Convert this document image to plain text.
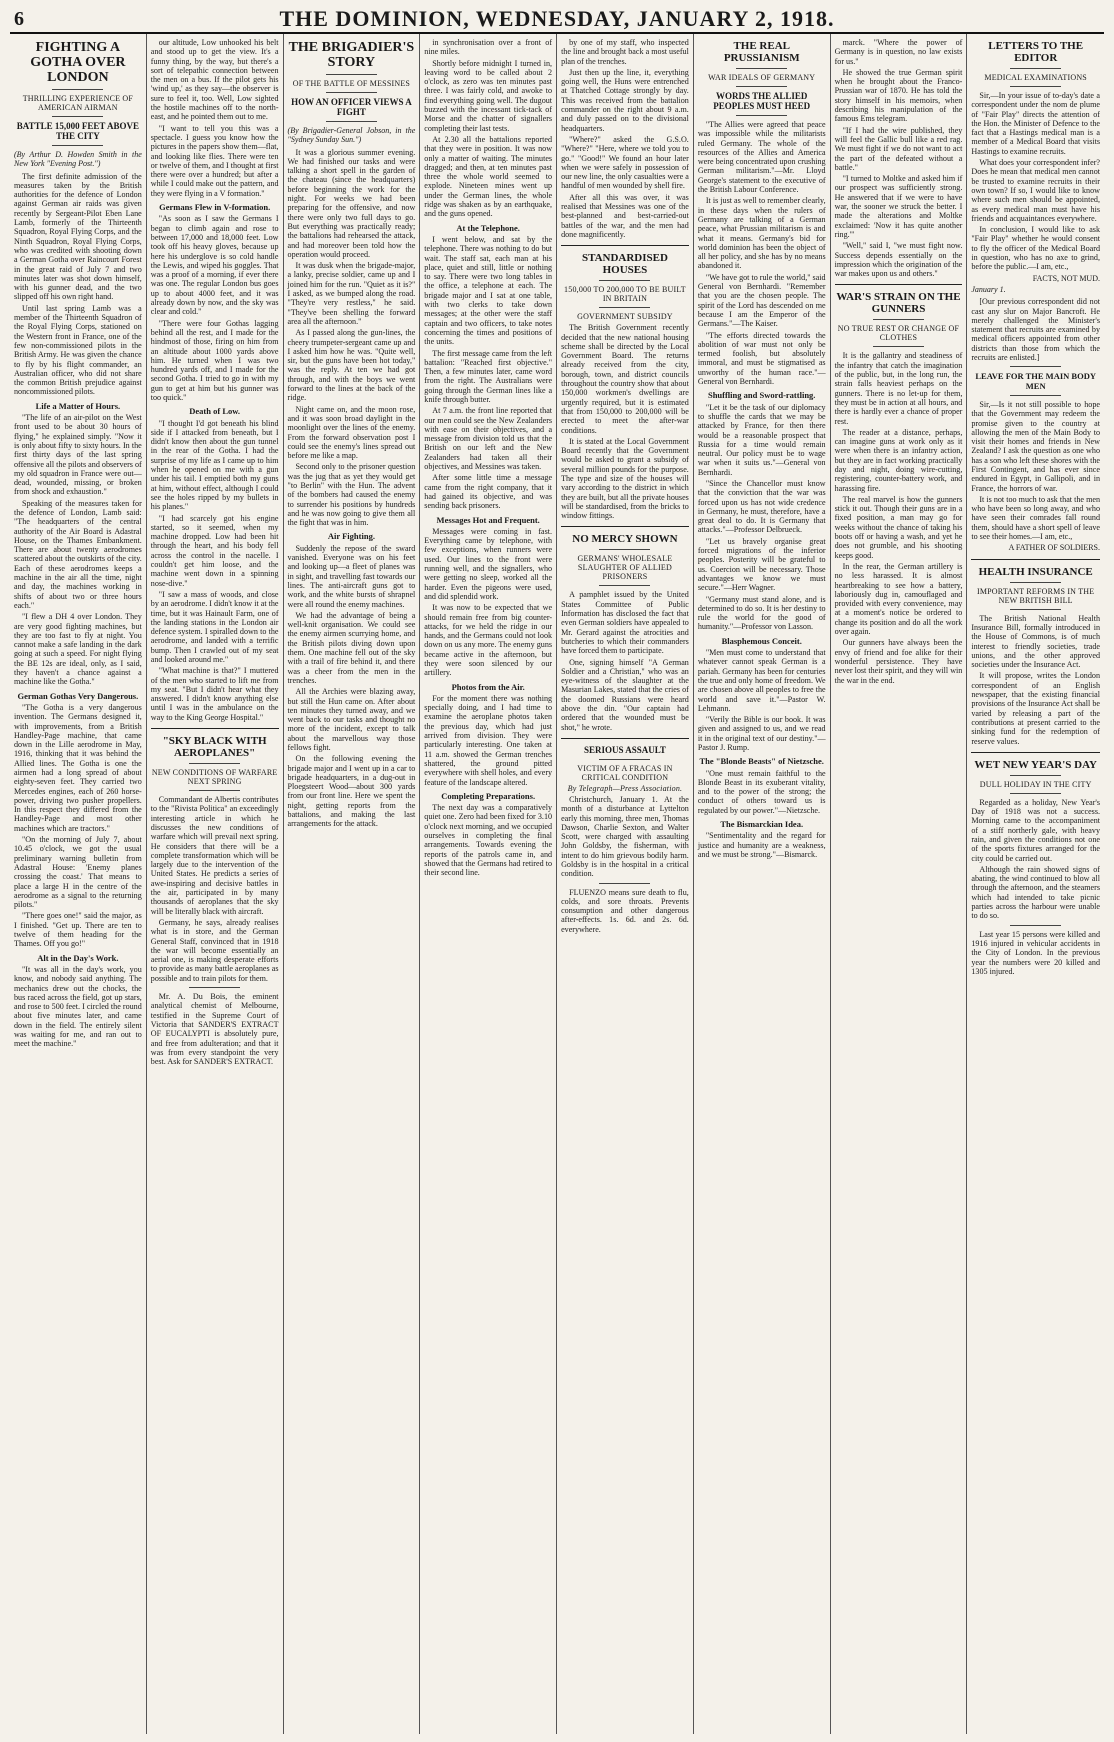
6	THE DOMINION, WEDNESDAY, JANUARY 2, 1918.
FIGHTING A GOTHA OVER LONDON
THRILLING EXPERIENCE OF AMERICAN AIRMAN
BATTLE 15,000 FEET ABOVE THE CITY
(By Arthur D. Howden Smith in the New York "Evening Post.")

The first definite admission of the measures taken by the British authorities for the defence of London against German air raids was given recently by Sergeant-Pilot Eben Lane Lamb, formerly of the Thirteenth Squadron, Royal Flying Corps, and the Ninth Squadron, Royal Flying Corps, who was credited with shooting down a German Gotha over Raincourt Forest in the great raid of July 7 and two minutes later was shot down himself, with his gunner dead, and the two slipped off his own right hand.

Until last spring Lamb was a member of the Thirteenth Squadron of the Royal Flying Corps, stationed on the Western front in France, one of the few non-commissioned pilots in the British Army. He was given the chance to fly by his flight commander, an Australian officer, who did not share the common British prejudice against noncommissioned pilots.

Life a Matter of Hours.

"The life of an air-pilot on the West front used to be about 30 hours of flying," he explained simply. "Now it is only about fifty to sixty hours. In the first thirty days of the last spring offensive all the pilots and observers of my old squadron in France were out—dead, wounded, missing, or broken from shock and exhaustion."

Speaking of the measures taken for the defence of London, Lamb said: "The headquarters of the central authority of the Air Board is Adastral House, on the Thames Embankment. There are about twenty aerodromes scattered about the outskirts of the city. Each of these aerodromes keeps a machine in the air all the time, night and day, the machines working in shifts of about two or three hours each."

"I flew a DH 4 over London. They are very good fighting machines, but they are too fast to fly at night. You cannot make a safe landing in the dark going at such a speed. For night flying the BE 12s are ideal, only, as I said, they haven't a chance against a machine like the Gotha."

German Gothas Very Dangerous.

"The Gotha is a very dangerous invention. The Germans designed it, with improvements, from a British Handley-Page machine, that came down in the Lille aerodrome in May, 1916, thinking that it was behind the Allied lines. The Gotha is one the airmen had a long spread of about eighty-seven feet. They carried two Mercedes engines, each of 260 horse-power, driving two pusher propellers. In this respect they differed from the Handley-Page and most other machines which are tractors."

"On the morning of July 7, about 10.45 o'clock, we got the usual preliminary warning bulletin from Adastral House: 'Enemy planes crossing the coast.' That means to place a large H in the centre of the aerodrome as a signal to the returning pilots."

"There goes one!" said the major, as I finished. "Get up. There are ten to twelve of them heading for the Thames. Off you go!"

Alt in the Day's Work.

"It was all in the day's work, you know, and nobody said anything. The mechanics drew out the chocks, the bus raced across the field, got up stars, and rose to 500 feet. I circled the round about five minutes later, and came down in the field. The entirely silent was waiting for me, and ran out to meet the machine."

our altitude, Low unhooked his belt and stood up to get the view. It's a funny thing, by the way, but there's a sort of telepathic connection between the men on a bus. If the pilot gets his 'wind up,' as they say—the observer is sure to feel it, too. Well, Low sighted the hostile machines off to the north-east, and he pointed them out to me.

"I want to tell you this was a spectacle. I guess you know how the pictures in the papers show them—flat, and looking like flies. There were ten or twelve of them, and I thought at first there were over a hundred; but after a while I could make out the pattern, and they were flying in a V formation."

Germans Flew in V-formation.

"As soon as I saw the Germans I began to climb again and rose to between 17,000 and 18,000 feet. Low took off his heavy gloves, because up here his underglove is so cold handle the Lewis, and wiped his goggles. That was a proof of a morning, if ever there was one. The regular London bus goes up to about 4000 feet, and it was already down by now, and the sky was clear and cold."

"There were four Gothas lagging behind all the rest, and I made for the hindmost of those, firing on him from an altitude about 1000 yards above him. He turned when I was two hundred yards off, and I made for the second Gotha. I tried to go in with my gun to get at him but his gunner was too quick."

Death of Low.

"I thought I'd got beneath his blind side if I attacked from beneath, but I didn't know then about the gun tunnel in the rear of the Gotha. I had the surprise of my life as I came up to him when he opened on me with a gun under his tail. I emptied both my guns at him, without effect, although I could see the holes ripped by my bullets in his planes."

"I had scarcely got his engine started, so it seemed, when my machine dropped. Low had been hit through the heart, and his body fell across the control in the nacelle. I couldn't get him loose, and the machine went down in a spinning nose-dive."

"I saw a mass of woods, and close by an aerodrome. I didn't know it at the time, but it was Hainault Farm, one of the landing stations in the London air defence system. I spiralled down to the aerodrome, and landed with a terrific bump. Then I crawled out of my seat and looked around me."

"What machine is that?" I muttered of the men who started to lift me from my seat. "But I didn't hear what they answered. I didn't know anything else until I was in the ambulance on the way to the King George Hospital."

"SKY BLACK WITH AEROPLANES"
NEW CONDITIONS OF WARFARE NEXT SPRING

Commandant de Albertis contributes to the "Rivista Politica" an exceedingly interesting article in which he discusses the new conditions of warfare which will prevail next spring. He considers that there will be a complete transformation which will be largely due to the intervention of the United States. He predicts a series of awe-inspiring and decisive battles in the air, participated in by many thousands of aeroplanes that the sky will be literally black with aircraft.

Germany, he says, already realises what is in store, and the German General Staff, convinced that in 1918 the war will become essentially an aerial one, is making desperate efforts to provide as many battle aeroplanes as possible and to train pilots for them.

Mr. A. Du Bois, the eminent analytical chemist of Melbourne, testified in the Supreme Court of Victoria that SANDER'S EXTRACT OF EUCALYPTI is absolutely pure, and free from adulteration; and that it was from every standpoint the very best. Ask for SANDER'S EXTRACT.

THE BRIGADIER'S STORY
OF THE BATTLE OF MESSINES
HOW AN OFFICER VIEWS A FIGHT
(By Brigadier-General Jobson, in the "Sydney Sunday Sun.")

It was a glorious summer evening. We had finished our tasks and were talking a short spell in the garden of the chateau (since the headquarters) before beginning the work for the night. For weeks we had been preparing for the offensive, and now there were only two full days to go. But everything was practically ready; the battalions had rehearsed the attack, and had moreover been told how the operation would proceed.

It was dusk when the brigade-major, a lanky, precise soldier, came up and I joined him for the run. "Quiet as it is?" I asked, as we bumped along the road. "They're very restless," he said. "They've been shelling the forward area all the afternoon."

As I passed along the gun-lines, the cheery trumpeter-sergeant came up and I asked him how he was. "Quite well, sir, but the guns have been hot today," was the reply. At ten we had got through, and with the boys we went forward to the lines at the back of the ridge.

Night came on, and the moon rose, and it was soon broad daylight in the moonlight over the lines of the enemy. From the forward observation post I could see the enemy's lines spread out before me like a map.

Second only to the prisoner question was the jug that as yet they would get "to Berlin" with the Hun. The advent of the bombers had caused the enemy to surrender his positions by hundreds and he was now going to give them all the fight that was in him.

Air Fighting.

Suddenly the repose of the sward vanished. Everyone was on his feet and looking up—a fleet of planes was in sight, and travelling fast towards our lines. The anti-aircraft guns got to work, and the white bursts of shrapnel were all round the enemy machines.

We had the advantage of being a well-knit organisation. We could see the enemy airmen scurrying home, and the British pilots diving down upon them. One machine fell out of the sky with a trail of fire behind it, and there was a cheer from the men in the trenches.

All the Archies were blazing away, but still the Hun came on. After about ten minutes they turned away, and we went back to our tasks and thought no more of the incident, except to talk about the marvellous way those fellows fight.

On the following evening the brigade major and I went up in a car to brigade headquarters, in a dug-out in Ploegsteert Wood—about 300 yards from our front line. Here we spent the night, getting reports from the battalions, and making the last arrangements for the attack.

in synchronisation over a front of nine miles.

Shortly before midnight I turned in, leaving word to be called about 2 o'clock, as zero was ten minutes past three. I was fairly cold, and awoke to find everything going well. The dugout buzzed with the incessant tick-tack of Morse and the chatter of signallers completing their last tests.

At 2.30 all the battalions reported that they were in position. It was now only a matter of waiting. The minutes dragged; and then, at ten minutes past three the whole world seemed to explode. Nineteen mines went up under the German lines, the whole ridge was shaken as by an earthquake, and the guns opened.

At the Telephone.

I went below, and sat by the telephone. There was nothing to do but wait. The staff sat, each man at his place, quiet and still, little or nothing to say. There were two long tables in the office, a telephone at each. The brigade major and I sat at one table, with two clerks to take down messages; at the other were the staff captain and two officers, to take notes concerning the times and positions of the units.

The first message came from the left battalion: "Reached first objective." Then, a few minutes later, came word from the right. The Australians were going through the German lines like a knife through butter.

At 7 a.m. the front line reported that our men could see the New Zealanders with ease on their objectives, and a message from division told us that the British on our left and the New Zealanders had taken all their objectives, and Messines was taken.

After some little time a message came from the right company, that it had gained its objective, and was sending back prisoners.

Messages Hot and Frequent.

Messages were coming in fast. Everything came by telephone, with few exceptions, when runners were used. Our lines to the front were running well, and the signallers, who were getting no sleep, worked all the harder. Even the pigeons were used, and did splendid work.

It was now to be expected that we should remain free from big counter-attacks, for we held the ridge in our hands, and the Germans could not look down on us any more. The enemy guns became active in the afternoon, but they were soon silenced by our artillery.

Photos from the Air.

For the moment there was nothing specially doing, and I had time to examine the aeroplane photos taken the previous day, which had just arrived from division. They were particularly interesting. One taken at 11 a.m. showed the German trenches shattered, the ground pitted everywhere with shell holes, and every feature of the landscape altered.

Completing Preparations.

The next day was a comparatively quiet one. Zero had been fixed for 3.10 o'clock next morning, and we occupied ourselves in completing the final arrangements. Towards evening the reports of the patrols came in, and showed that the Germans had retired to their second line.

by one of my staff, who inspected the line and brought back a most useful plan of the trenches.

Just then up the line, it, everything going well, the Huns were entrenched at Thatched Cottage strongly by day. This was received from the battalion commander on the right about 9 a.m. and duly passed on to the divisional headquarters.

"Where?" asked the G.S.O. "Where?" "Here, where we told you to go." "Good!" We found an hour later when we were safely in possession of our new line, the only casualties were a handful of men wounded by shell fire.

After all this was over, it was realised that Messines was one of the best-planned and best-carried-out battles of the war, and the men had done magnificently.

STANDARDISED HOUSES
150,000 TO 200,000 TO BE BUILT IN BRITAIN
GOVERNMENT SUBSIDY

The British Government recently decided that the new national housing scheme shall be directed by the Local Government Board. The returns already received from the city, borough, town, and district councils throughout the country show that about 150,000 workmen's dwellings are urgently required, but it is estimated that from 150,000 to 200,000 will be erected to meet the after-war conditions.

It is stated at the Local Government Board recently that the Government would be asked to grant a subsidy of several million pounds for the purpose. The type and size of the houses will vary according to the district in which they are built, but all the private houses will be standardised, from the bricks to window fittings.

NO MERCY SHOWN
GERMANS' WHOLESALE SLAUGHTER OF ALLIED PRISONERS

A pamphlet issued by the United States Committee of Public Information has disclosed the fact that even German soldiers have appealed to Mr. Gerard against the atrocities and butcheries to which their commanders have forced them to participate.

One, signing himself "A German Soldier and a Christian," who was an eye-witness of the slaughter at the Masurian Lakes, stated that the cries of the doomed Russians were heard above the din. "Our captain had ordered that the wounded must be shot," he wrote.

SERIOUS ASSAULT
VICTIM OF A FRACAS IN CRITICAL CONDITION
By Telegraph—Press Association.

Christchurch, January 1. At the month of a disturbance at Lyttelton early this morning, three men, Thomas Dawson, Charlie Sexton, and Walter Scott, were charged with assaulting John Goldsby, the fisherman, with intent to do him grievous bodily harm. Goldsby is in the hospital in a critical condition.

FLUENZO means sure death to flu, colds, and sore throats. Prevents consumption and other dangerous after-effects. 1s. 6d. and 2s. 6d. everywhere.

THE REAL PRUSSIANISM
WAR IDEALS OF GERMANY
WORDS THE ALLIED PEOPLES MUST HEED

"The Allies were agreed that peace was impossible while the militarists ruled Germany. The whole of the resources of the Allies and America were being concentrated upon crushing German militarism."—Mr. Lloyd George's statement to the executive of the British Labour Conference.

It is just as well to remember clearly, in these days when the rulers of Germany are talking of a German peace, what Prussian militarism is and what it means. Germany's bid for world dominion has been the object of all her policy, and she has by no means abandoned it.

"We have got to rule the world," said General von Bernhardi. "Remember that you are the chosen people. The spirit of the Lord has descended on me because I am the Emperor of the Germans."—The Kaiser.

"The efforts directed towards the abolition of war must not only be termed foolish, but absolutely immoral, and must be stigmatised as unworthy of the human race."—General von Bernhardi.

Shuffling and Sword-rattling.

"Let it be the task of our diplomacy to shuffle the cards that we may be attacked by France, for then there would be a reasonable prospect that Russia for a time would remain neutral. Our policy must be to wage war when it suits us."—General von Bernhardi.

"Since the Chancellor must know that the conviction that the war was forced upon us has not wide credence in Germany, he must, therefore, have a great deal to do. It is Germany that attacks."—Professor Delbrueck.

"Let us bravely organise great forced migrations of the inferior peoples. Posterity will be grateful to us. Coercion will be necessary. Those advantages we know we must secure."—Herr Wagner.

"Germany must stand alone, and is determined to do so. It is her destiny to rule the world for the good of humanity."—Professor von Lasson.

Blasphemous Conceit.

"Men must come to understand that whatever cannot speak German is a pariah. Germany has been for centuries the true and only home of freedom. We are chosen above all peoples to free the world and save it."—Pastor W. Lehmann.

"Verily the Bible is our book. It was given and assigned to us, and we read it in the original text of our destiny."—Pastor J. Rump.

The "Blonde Beasts" of Nietzsche.

"One must remain faithful to the Blonde Beast in its exuberant vitality, and to the power of the strong; the conduct of others toward us is regulated by our power."—Nietzsche.

The Bismarckian Idea.

"Sentimentality and the regard for justice and humanity are a weakness, and we must be strong."—Bismarck.

marck. "Where the power of Germany is in question, no law exists for us."

He showed the true German spirit when he brought about the Franco-Prussian war of 1870. He has told the story himself in his memoirs, when describing his manipulation of the famous Ems telegram.

"If I had the wire published, they will feel the Gallic bull like a red rag. We must fight if we do not want to act the part of the defeated without a battle."

"I turned to Moltke and asked him if our prospect was sufficiently strong. He answered that if we were to have war, the sooner we struck the better. I made the alterations and Moltke exclaimed: 'Now it has quite another ring.'"

"Well," said I, "we must fight now. Success depends essentially on the impression which the origination of the war makes upon us and others."

WAR'S STRAIN ON THE GUNNERS
NO TRUE REST OR CHANGE OF CLOTHES

It is the gallantry and steadiness of the infantry that catch the imagination of the public, but, in the long run, the strain falls heaviest perhaps on the gunners. There is no let-up for them, they must be in action at all hours, and there is hardly ever a chance of proper rest.

The reader at a distance, perhaps, can imagine guns at work only as it were when there is an infantry action, but they are in fact working practically day and night, doing wire-cutting, registering, counter-battery work, and harassing fire.

The real marvel is how the gunners stick it out. Though their guns are in a fixed position, a man may go for weeks without the chance of taking his boots off or having a wash, and yet he does not grumble, and his shooting keeps good.

In the rear, the German artillery is no less harassed. It is almost heartbreaking to see how a battery, laboriously dug in, camouflaged and provided with every convenience, may at a moment's notice be ordered to change its position and do all the work over again.

Our gunners have always been the envy of friend and foe alike for their wonderful persistence. They have never lost their spirit, and they will win the war in the end.

LETTERS TO THE EDITOR
MEDICAL EXAMINATIONS

Sir,—In your issue of to-day's date a correspondent under the nom de plume of "Fair Play" directs the attention of the Hon. the Minister of Defence to the fact that a Hastings medical man is a member of a Medical Board that visits Hastings to examine recruits.

What does your correspondent infer? Does he mean that medical men cannot be trusted to examine recruits in their own town? If so, I would like to know where such men should be appointed, as every medical man must have his friends and acquaintances everywhere.

In conclusion, I would like to ask "Fair Play" whether he would consent to fly the officer of the Medical Board in question, who has no axe to grind, before the public.—I am, etc.,

FACTS, NOT MUD.
January 1.

[Our previous correspondent did not cast any slur on Major Bancroft. He merely challenged the Minister's statement that recruits are examined by medical officers appointed from other districts than those from which the recruits are enlisted.]

LEAVE FOR THE MAIN BODY MEN

Sir,—Is it not still possible to hope that the Government may redeem the promise given to the country at allowing the men of the Main Body to visit their homes and friends in New Zealand? I ask the question as one who has a son who left these shores with the First Contingent, and has ever since endured in Egypt, in Gallipoli, and in France, the horrors of war.

It is not too much to ask that the men who have been so long away, and who have seen their comrades fall round them, should have a short spell of leave to see their homes.—I am, etc.,

A FATHER OF SOLDIERS.
HEALTH INSURANCE
IMPORTANT REFORMS IN THE NEW BRITISH BILL

The British National Health Insurance Bill, formally introduced in the House of Commons, is of much interest to friendly societies, trade unions, and the other approved societies under the Insurance Act.

It will propose, writes the London correspondent of an English newspaper, that the existing financial provisions of the Insurance Act shall be varied by releasing a part of the contributions at present carried to the sinking fund for the redemption of reserve values.

WET NEW YEAR'S DAY
DULL HOLIDAY IN THE CITY

Regarded as a holiday, New Year's Day of 1918 was not a success. Morning came to the accompaniment of a stiff northerly gale, with heavy rain, and given the conditions not one of the sports fixtures arranged for the city could be carried out.

Although the rain showed signs of abating, the wind continued to blow all through the afternoon, and the steamers which had intended to take picnic parties across the harbour were unable to do so.

Last year 15 persons were killed and 1916 injured in vehicular accidents in the City of London. In the previous year the numbers were 20 killed and 1305 injured.
